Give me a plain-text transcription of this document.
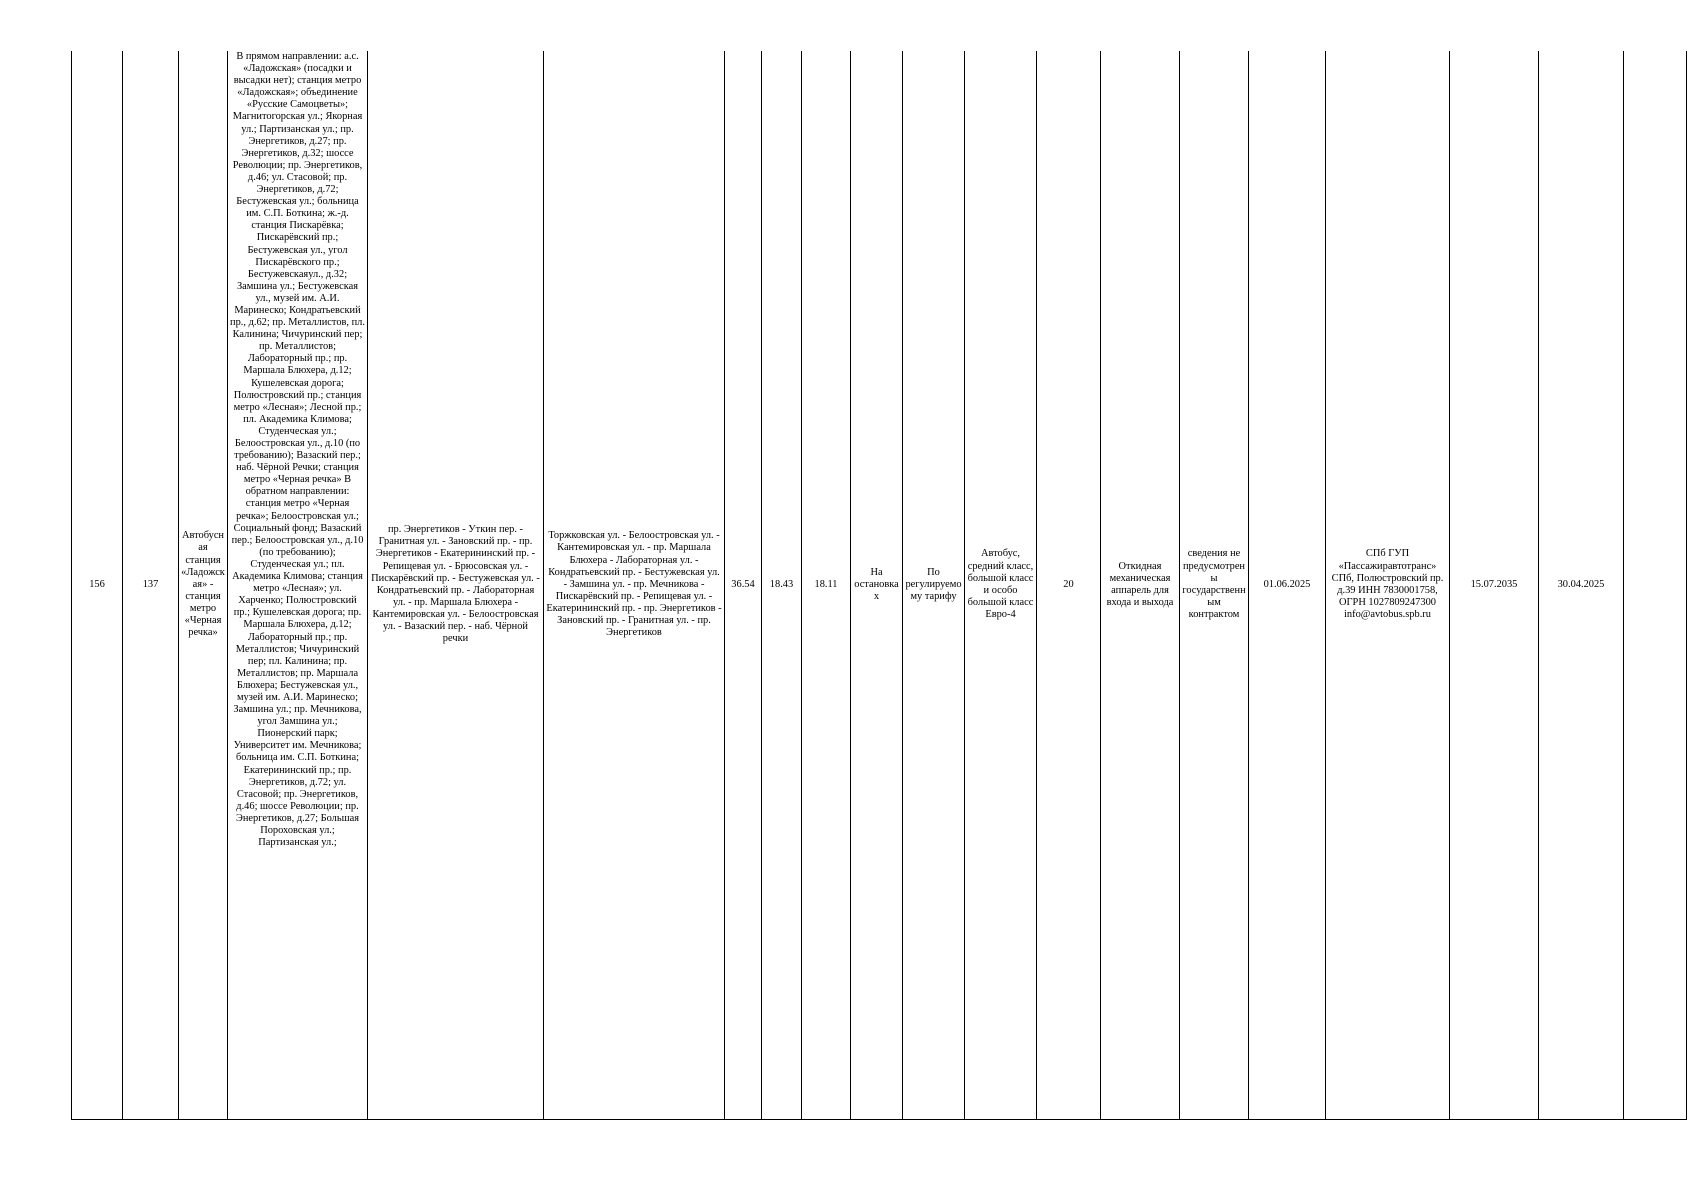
156	137	Автобусная станция «Ладожская» - станция метро «Черная речка»	В прямом направлении: а.с. «Ладожская» (посадки и высадки нет); станция метро «Ладожская»; объединение «Русские Самоцветы»; Магнитогорская ул.; Якорная ул.; Партизанская ул.; пр. Энергетиков, д.27; пр. Энергетиков, д.32; шоссе Революции; пр. Энергетиков, д.46; ул. Стасовой; пр. Энергетиков, д.72; Бестужевская ул.; больница им. С.П. Боткина; ж.-д. станция Пискарёвка; Пискарёвский пр.; Бестужевская ул., угол Пискарёвского пр.; Бестужевскаяул., д.32; Замшина ул.; Бестужевская ул., музей им. А.И. Маринеско; Кондратьевский пр., д.62; пр. Металлистов, пл. Калинина; Чичуринский пер; пр. Металлистов; Лабораторный пр.; пр. Маршала Блюхера, д.12; Кушелевская дорога; Полюстровский пр.; станция метро «Лесная»; Лесной пр.; пл. Академика Климова; Студенческая ул.; Белоостровская ул., д.10 (по требованию); Вазаский пер.; наб. Чёрной Речки; станция метро «Черная речка» В обратном направлении: станция метро «Черная речка»; Белоостровская ул.; Социальный фонд; Вазаский пер.; Белоостровская ул., д.10 (по требованию); Студенческая ул.; пл. Академика Климова; станция метро «Лесная»; ул. Харченко; Полюстровский пр.; Кушелевская дорога; пр. Маршала Блюхера, д.12; Лабораторный пр.; пр. Металлистов; Чичуринский пер; пл. Калинина; пр. Металлистов; пр. Маршала Блюхера; Бестужевская ул., музей им. А.И. Маринеско; Замшина ул.; пр. Мечникова, угол Замшина ул.; Пионерский парк; Университет им. Мечникова; больница им. С.П. Боткина; Екатерининский пр.; пр. Энергетиков, д.72; ул. Стасовой; пр. Энергетиков, д.46; шоссе Революции; пр. Энергетиков, д.27; Большая Пороховская ул.; Партизанская ул.;	пр. Энергетиков - Уткин пер. - Гранитная ул. - Зановский пр. - пр. Энергетиков - Екатерининский пр. - Репищевая ул. - Брюсовская ул. - Пискарёвский пр. - Бестужевская ул. - Кондратьевский пр. - Лабораторная ул. - пр. Маршала Блюхера - Кантемировская ул. - Белоостровская ул. - Вазаский пер. - наб. Чёрной речки	Торжковская ул. - Белоостровская ул. - Кантемировская ул. - пр. Маршала Блюхера - Лабораторная ул. - Кондратьевский пр. - Бестужевская ул. - Замшина ул. - пр. Мечникова - Пискарёвский пр. - Репищевая ул. - Екатерининский пр. - пр. Энергетиков - Зановский пр. - Гранитная ул. - пр. Энергетиков	36.54	18.43	18.11	На остановках	По регулируемому тарифу	Автобус, средний класс, большой класс и особо большой класс Евро-4	20	Откидная механическая аппарель для входа и выхода	сведения не предусмотрены государственным контрактом	01.06.2025	СПб ГУП «Пассажиравтотранс» СПб, Полюстровский пр. д.39 ИНН 7830001758, ОГРН 1027809247300 info@avtobus.spb.ru	15.07.2035	30.04.2025	
